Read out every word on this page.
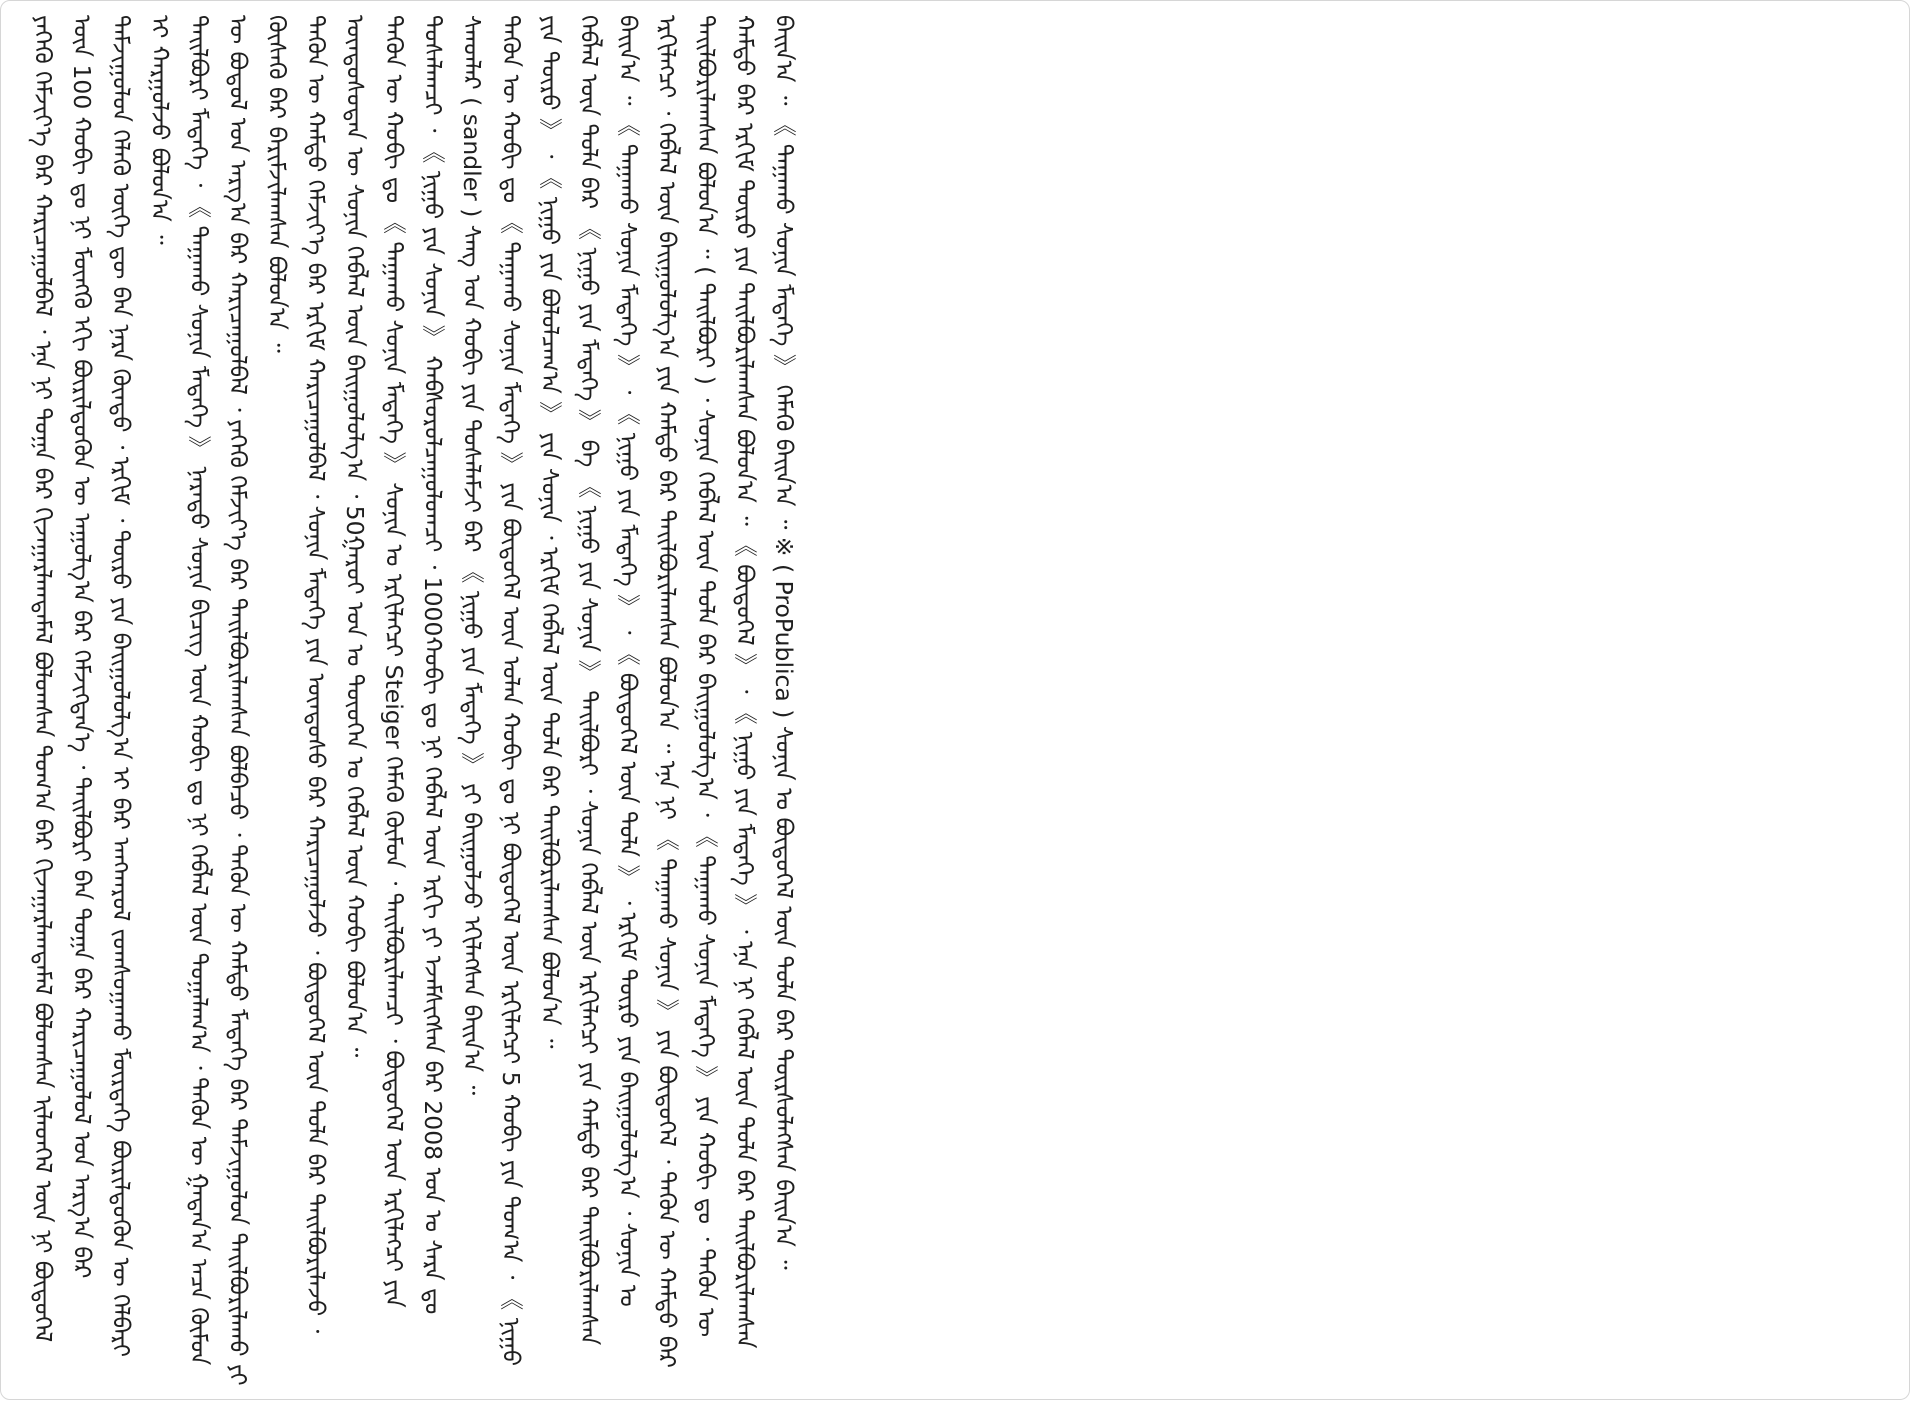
ᠶᠡᠬᠡᠬᠦ ᠬᠡᠮᠵᠢᠶ᠎ᠡ ᠪᠡᠷ ᠬᠠᠷᠢᠴᠠᠭᠤᠯᠪᠠᠯ ᠂ ᠡᠨᠡ ᠨᠢ ᠲᠣᠭᠠ ᠪᠠᠷ ᠬᠢᠵᠠᠭᠠᠷᠯᠠᠭᠳᠠᠮᠠᠯ ᠪᠣᠯᠤᠭᠰᠠᠨ ᠲᠣᠭ᠎ᠠ ᠪᠠᠷ ᠬᠢᠵᠠᠭᠠᠷᠯᠠᠭᠳᠠᠮᠠᠯ ᠪᠣᠯᠤᠭᠰᠠᠨ ᠢᠯᠡᠳᠬᠡᠯ ᠦᠨ ᠨᠢ ᠪᠦᠲᠦᠭᠡᠯ ᠦᠨ 100 ᠬᠤᠪᠢ ᠳᠤ ᠨᠢ ᠮᠦᠩᠭᠦ ᠡᠬᠢ ᠪᠦᠷᠢᠯᠳᠦᠬᠦᠨ ᠦ ᠠᠭᠤᠯᠭ᠎ᠠ ᠪᠠᠷ ᠬᠡᠮᠵᠢᠭᠳᠡᠨ᠎ᠡ ᠂ ᠲᠠᠢᠯᠪᠤᠷᠢ ᠪᠠᠨ ᠲᠤᠭᠠ ᠪᠠᠷ ᠬᠠᠷᠢᠴᠠᠭᠤᠯᠤᠯ ᠤᠨ ᠠᠷᠭ᠎ᠠ ᠪᠠᠷ ᠳᠠᠮᠵᠢᠭᠤᠯᠤᠨ ᠬᠡᠯᠡᠬᠦ ᠦᠭᠡ ᠳᠦ ᠪᠠᠨ ᠨᠡᠷᠡ ᠬᠦᠨᠳᠦ ᠂ ᠡᠷᠬᠢᠮ ᠂ ᠲᠥᠷᠦ ᠶᠢᠨ ᠪᠠᠢᠭᠤᠯᠤᠯᠭ᠎ᠠ ᠢ ᠪᠠᠷ ᠠᠨᠭᠬᠠᠷᠤᠯ ᠵᠣᠭᠰᠣᠭᠠᠬᠤ ᠮᠥᠷᠳᠡᠭᠡ ᠪᠦᠷᠢᠯᠳᠦᠬᠦᠨ ᠦ ᠬᠡᠯᠪᠡᠷᠢ ᠢ ᠬᠠᠷᠭᠤᠯᠵᠤ ᠪᠣᠯᠤᠨ᠎ᠠ ᠃ ᠲᠠᠢᠯᠪᠤᠷᠢ ᠮᠡᠳᠡᠭᠡ ᠂ 《 ᠲᠠᠭᠠᠬᠤ ᠰᠣᠨᠢᠨ ᠮᠡᠳᠡᠭᠡ 》 ᠨᠡᠷᠡᠲᠦ ᠰᠣᠨᠢᠨ ᠪᠢᠴᠢᠭ ᠦᠨ ᠬᠤᠪᠢ ᠳᠤ ᠨᠢ ᠬᠡᠪᠯᠡᠯ ᠦᠨ ᠲᠣᠭᠠᠯᠠᠭ᠎ᠠ ᠂ ᠲᠡᠭᠦᠨ ᠦ ᠭᠠᠳᠠᠨ᠎ᠠ ᠠᠴᠠ ᠬᠦᠮᠦᠨ ᠦ ᠪᠣᠳᠤᠯ ᠤᠨ ᠠᠷᠭ᠎ᠠ ᠪᠠᠷ ᠬᠠᠷᠢᠴᠠᠭᠤᠯᠪᠠᠯ ᠂ ᠶᠡᠬᠡᠬᠦ ᠬᠡᠮᠵᠢᠶ᠎ᠡ ᠪᠡᠷ ᠲᠠᠢᠯᠪᠤᠷᠢᠯᠠᠭᠰᠠᠨ ᠪᠣᠯᠪᠠᠴᠤ ᠂ ᠲᠡᠭᠦᠨ ᠦ ᠬᠠᠮᠲᠤ ᠮᠡᠳᠡᠭᠡ ᠪᠠᠷ ᠳᠠᠮᠵᠢᠭᠤᠯᠤᠨ ᠲᠠᠢᠯᠪᠤᠷᠢᠯᠠᠬᠤ ᠶᠢ ᠬᠦᠰᠡᠬᠦ ᠪᠡᠷ ᠪᠠᠷᠢᠮᠵᠢᠯᠠᠭᠰᠠᠨ ᠪᠣᠯᠤᠨ᠎ᠠ ᠃ ᠲᠡᠭᠦᠨ ᠦ ᠬᠠᠮᠲᠤ ᠬᠡᠮᠵᠢᠶ᠎ᠡ ᠪᠡᠷ ᠡᠷᠬᠢᠮ ᠬᠠᠷᠢᠴᠠᠭᠤᠯᠪᠠᠯ ᠂ ᠰᠣᠨᠢᠨ ᠮᠡᠳᠡᠭᠡ ᠶᠢᠨ ᠦᠨᠳᠦᠰᠦ ᠪᠠᠷ ᠬᠠᠷᠢᠴᠠᠭᠤᠯᠵᠤ ᠂ ᠪᠦᠲᠦᠭᠡᠯ ᠦᠨ ᠲᠤᠯᠠ ᠪᠠᠷ ᠲᠠᠢᠯᠪᠤᠷᠢᠯᠠᠵᠤ ᠂ ᠦᠨᠳᠦᠰᠦᠲᠡᠨ ᠦ ᠰᠣᠨᠢᠨ ᠬᠡᠪᠯᠡᠯ ᠦᠨ ᠪᠠᠢᠭᠤᠯᠤᠯᠭ᠎ᠠ ᠂ 50ᠭᠠᠷᠤᠢ ᠣᠨ ᠤ ᠲᠦᠦᠬᠡᠨ ᠤ ᠬᠡᠪᠯᠡᠯ ᠦᠨ ᠬᠤᠪᠢ ᠪᠣᠯᠤᠨ᠎ᠠ ᠃ ᠲᠡᠭᠦᠨ ᠦ ᠬᠤᠪᠢ ᠳᠤ 《 ᠲᠠᠭᠠᠬᠤ ᠰᠣᠨᠢᠨ ᠮᠡᠳᠡᠭᠡ 》 ᠰᠣᠨᠢᠨ ᠤ ᠡᠷᠬᠢᠯᠡᠭᠴᠢ Steiger ᠬᠡᠮᠡᠬᠦ ᠬᠦᠮᠦᠨ ᠂ ᠲᠠᠢᠯᠪᠤᠷᠢᠯᠠᠭᠴᠢ ᠂ ᠪᠦᠲᠦᠭᠡᠯ ᠦᠨ ᠡᠷᠬᠢᠯᠡᠭᠴᠢ ᠶᠢᠨ ᠲᠤᠰᠠᠯᠠᠭᠴᠢ ᠂ 《 ᠨᠢᠭᠤ ᠶᠢᠨ ᠰᠣᠨᠢᠨ 》 ᠬᠠᠪᠰᠤᠷᠤᠯᠴᠠᠭᠤᠯᠤᠭᠴᠢ ᠂ 1000ᠬᠤᠪᠢ ᠳᠤ ᠨᠢ ᠬᠡᠪᠯᠡᠯ ᠦᠨ ᠡᠷᠬᠢ ᠶᠢ ᠡᠵᠡᠮᠰᠢᠭᠰᠡᠨ ᠪᠡᠷ 2008 ᠣᠨ ᠤ ᠰᠠᠷᠠ ᠳᠤ ᠰᠠᠨᠳᠯᠡᠷ ( sandler ) ᠰᠠᠩ ᠤᠨ ᠬᠤᠪᠢ ᠶᠢᠨ ᠲᠤᠰᠠᠯᠠᠮᠵᠢ ᠪᠠᠷ 《 ᠨᠢᠭᠤ ᠶᠢᠨ ᠮᠡᠳᠡᠭᠡ 》 ᠶᠢ ᠪᠠᠢᠭᠤᠯᠵᠤ ᠡᠬᠢᠯᠡᠭᠰᠡᠨ ᠪᠠᠢᠨ᠎ᠠ ᠃ ᠲᠡᠭᠦᠨ ᠦ ᠬᠤᠪᠢ ᠳᠤ 《 ᠲᠠᠭᠠᠬᠤ ᠰᠣᠨᠢᠨ ᠮᠡᠳᠡᠭᠡ 》 ᠶᠢᠨ ᠪᠦᠲᠦᠭᠡᠯ ᠦᠨ ᠣᠯᠠᠨ ᠬᠤᠪᠢ ᠳᠤ ᠨᠢ ᠪᠦᠲᠦᠭᠡᠯ ᠦᠨ ᠡᠷᠬᠢᠯᠡᠭᠴᠢ 5 ᠬᠤᠪᠢ ᠶᠢᠨ ᠲᠣᠭ᠎ᠠ ᠂ 《 ᠨᠢᠭᠤ ᠶᠢᠨ ᠲᠦᠷᠦ 》 ᠂ 《 ᠨᠢᠭᠤ ᠶᠢᠨ ᠪᠣᠯᠤᠯᠴᠠᠭ᠎ᠠ 》 ᠶᠢᠨ ᠰᠣᠨᠢᠨ ᠂ ᠡᠷᠬᠢᠮ ᠬᠡᠪᠯᠡᠯ ᠦᠨ ᠲᠤᠯᠠ ᠪᠠᠷ ᠲᠠᠢᠯᠪᠤᠷᠢᠯᠠᠭᠰᠠᠨ ᠪᠣᠯᠤᠨ᠎ᠠ ᠃ ᠬᠡᠪᠯᠡᠯ ᠦᠨ ᠲᠤᠯᠠ ᠪᠠᠷ 《 ᠨᠢᠭᠤ ᠶᠢᠨ ᠮᠡᠳᠡᠭᠡ 》 ᠪᠠ 《 ᠨᠢᠭᠤ ᠶᠢᠨ ᠰᠣᠨᠢᠨ 》 ᠲᠠᠢᠯᠪᠤᠷᠢ ᠂ ᠰᠣᠨᠢᠨ ᠬᠡᠪᠯᠡᠯ ᠦᠨ ᠡᠷᠬᠢᠯᠡᠭᠴᠢ ᠶᠢᠨ ᠬᠠᠮᠲᠤ ᠪᠠᠷ ᠲᠠᠢᠯᠪᠤᠷᠢᠯᠠᠭᠰᠠᠨ ᠪᠠᠢᠨ᠎ᠠ ᠃ 《 ᠲᠠᠭᠠᠬᠤ ᠰᠣᠨᠢᠨ ᠮᠡᠳᠡᠭᠡ 》 ᠂ 《 ᠨᠢᠭᠤ ᠶᠢᠨ ᠮᠡᠳᠡᠭᠡ 》 ᠂ 《 ᠪᠦᠲᠦᠭᠡᠯ ᠦᠨ ᠲᠤᠯᠠ 》 ᠂ ᠡᠷᠬᠢᠮ ᠲᠦᠷᠦ ᠶᠢᠨ ᠪᠠᠢᠭᠤᠯᠤᠯᠭ᠎ᠠ ᠂ ᠰᠣᠨᠢᠨ ᠤ ᠡᠷᠬᠢᠯᠡᠭᠴᠢ ᠂ ᠬᠡᠪᠯᠡᠯ ᠦᠨ ᠪᠠᠢᠭᠤᠯᠤᠯᠭ᠎ᠠ ᠶᠢᠨ ᠬᠠᠮᠲᠤ ᠪᠠᠷ ᠲᠠᠢᠯᠪᠤᠷᠢᠯᠠᠭᠰᠠᠨ ᠪᠣᠯᠤᠨ᠎ᠠ ᠃ ᠡᠨᠡ ᠨᠢ 《 ᠲᠠᠭᠠᠬᠤ ᠰᠣᠨᠢᠨ 》 ᠶᠢᠨ ᠪᠦᠲᠦᠭᠡᠯ ᠂ ᠲᠡᠭᠦᠨ ᠦ ᠬᠠᠮᠲᠤ ᠪᠠᠷ ᠲᠠᠢᠯᠪᠤᠷᠢᠯᠠᠭᠰᠠᠨ ᠪᠣᠯᠤᠨ᠎ᠠ ᠃ ( ᠲᠠᠢᠯᠪᠤᠷᠢ ) ᠂ ᠰᠣᠨᠢᠨ ᠬᠡᠪᠯᠡᠯ ᠦᠨ ᠲᠤᠯᠠ ᠪᠠᠷ ᠪᠠᠢᠭᠤᠯᠤᠯᠭ᠎ᠠ ᠂ 《 ᠲᠠᠭᠠᠬᠤ ᠰᠣᠨᠢᠨ ᠮᠡᠳᠡᠭᠡ 》 ᠶᠢᠨ ᠬᠤᠪᠢ ᠳᠤ ᠂ ᠲᠡᠭᠦᠨ ᠦ ᠬᠠᠮᠲᠤ ᠪᠠᠷ ᠡᠷᠬᠢᠮ ᠲᠦᠷᠦ ᠶᠢᠨ ᠲᠠᠢᠯᠪᠤᠷᠢᠯᠠᠭᠰᠠᠨ ᠪᠣᠯᠤᠨ᠎ᠠ ᠃ 《 ᠪᠦᠲᠦᠭᠡᠯ 》 ᠂ 《 ᠨᠢᠭᠤ ᠶᠢᠨ ᠮᠡᠳᠡᠭᠡ 》 ᠂ ᠡᠨᠡ ᠨᠢ ᠬᠡᠪᠯᠡᠯ ᠦᠨ ᠲᠤᠯᠠ ᠪᠠᠷ ᠲᠠᠢᠯᠪᠤᠷᠢᠯᠠᠭᠰᠠᠨ ᠪᠠᠢᠨ᠎ᠠ ᠃ 《 ᠲᠠᠭᠠᠬᠤ ᠰᠣᠨᠢᠨ ᠮᠡᠳᠡᠭᠡ 》 ᠬᠡᠮᠡᠬᠦ ᠪᠠᠢᠨ᠎ᠠ ᠃ ※ ( ProPublica ) ᠰᠣᠨᠢᠨ ᠤ ᠪᠦᠲᠦᠭᠡᠯ ᠦᠨ ᠲᠤᠯᠠ ᠪᠠᠷ ᠳᠦᠷᠰᠦᠯᠡᠭᠰᠡᠨ ᠪᠠᠢᠨ᠎ᠠ ᠃
